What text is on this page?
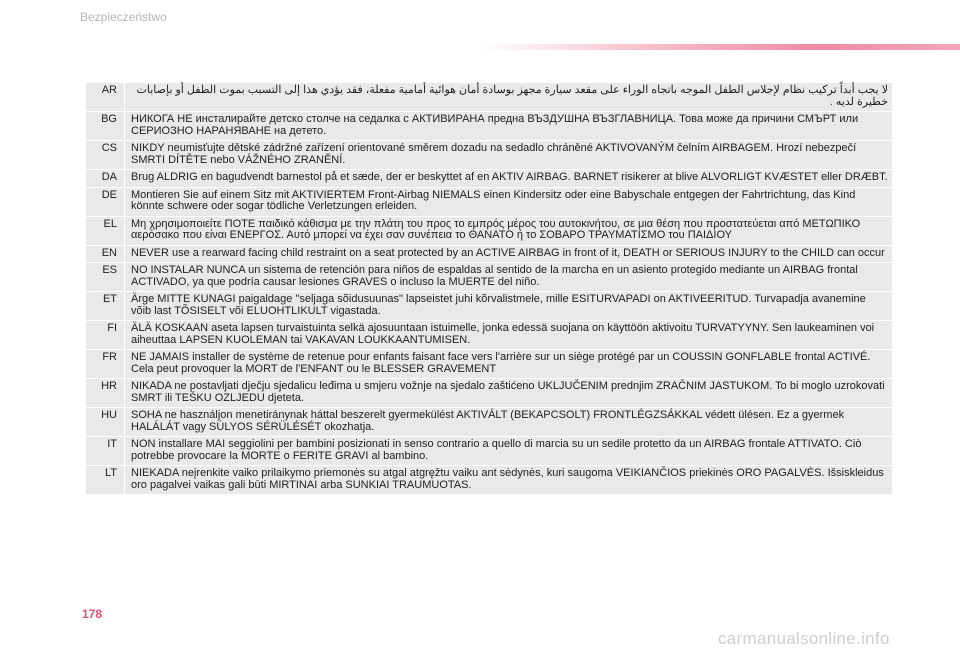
Bezpieczeństwo
AR	لا يجب أبداً تركيب نظام لإجلاس الطفل الموجه باتجاه الوراء على مقعد سيارة مجهز بوسادة أمان هوائية أمامية مفعلة، فقد يؤدي هذا إلى التسبب بموت الطفل أو بإصابات خطيرة لديه .
BG	НИКОГА НЕ инсталирайте детско столче на седалка с АКТИВИРАНА предна ВЪЗДУШНА ВЪЗГЛАВНИЦА. Това може да причини СМЪРТ или СЕРИОЗНО НАРАНЯВАНЕ на детето.
CS	NIKDY neumisťujte dětské zádržné zařízení orientované směrem dozadu na sedadlo chráněné AKTIVOVANÝM čelním AIRBAGEM. Hrozí nebezpečí SMRTI DÍTĚTE nebo VÁŽNÉHO ZRANĚNÍ.
DA	Brug ALDRIG en bagudvendt barnestol på et sæde, der er beskyttet af en AKTIV AIRBAG. BARNET risikerer at blive ALVORLIGT KVÆSTET eller DRÆBT.
DE	Montieren Sie auf einem Sitz mit AKTIVIERTEM Front-Airbag NIEMALS einen Kindersitz oder eine Babyschale entgegen der Fahrtrichtung, das Kind könnte schwere oder sogar tödliche Verletzungen erleiden.
EL	Μη χρησιμοποιείτε ΠΟΤΕ παιδικό κάθισμα με την πλάτη του προς το εμπρός μέρος του αυτοκινήτου, σε μια θέση που προστατεύεται από ΜΕΤΩΠΙΚΟ αερόσακο που είναι ΕΝΕΡΓΟΣ. Αυτό μπορεί να έχει σαν συνέπεια το ΘΑΝΑΤΟ ή το ΣΟΒΑΡΟ ΤΡΑΥΜΑΤΙΣΜΟ του ΠΑΙΔΙΟΥ
EN	NEVER use a rearward facing child restraint on a seat protected by an ACTIVE AIRBAG in front of it, DEATH or SERIOUS INJURY to the CHILD can occur
ES	NO INSTALAR NUNCA un sistema de retención para niños de espaldas al sentido de la marcha en un asiento protegido mediante un AIRBAG frontal ACTIVADO, ya que podría causar lesiones GRAVES o incluso la MUERTE del niño.
ET	Ärge MITTE KUNAGI paigaldage "seljaga sõidusuunas" lapseistet juhi kõrvalistmele, mille ESITURVAPADI on AKTIVEERITUD. Turvapadja avanemine võib last TÕSISELT või ELUOHTLIKULT vigastada.
FI	ÄLÄ KOSKAAN aseta lapsen turvaistuinta selkä ajosuuntaan istuimelle, jonka edessä suojana on käyttöön aktivoitu TURVATYYNY. Sen laukeaminen voi aiheuttaa LAPSEN KUOLEMAN tai VAKAVAN LOUKKAANTUMISEN.
FR	NE JAMAIS installer de système de retenue pour enfants faisant face vers l'arrière sur un siège protégé par un COUSSIN GONFLABLE frontal ACTIVÉ.
Cela peut provoquer la MORT de l'ENFANT ou le BLESSER GRAVEMENT
HR	NIKADA ne postavljati dječju sjedalicu leđima u smjeru vožnje na sjedalo zaštićeno UKLJUČENIM prednjim ZRAČNIM JASTUKOM. To bi moglo uzrokovati SMRT ili TEŠKU OZLJEDU djeteta.
HU	SOHA ne használjon menetiránynak háttal beszerelt gyermekülést AKTIVÁLT (BEKAPCSOLT) FRONTLÉGZSÁKKAL védett ülésen. Ez a gyermek HALÁLÁT vagy SÚLYOS SÉRÜLÉSÉT okozhatja.
IT	NON installare MAI seggiolini per bambini posizionati in senso contrario a quello di marcia su un sedile protetto da un AIRBAG frontale ATTIVATO. Ciò potrebbe provocare la MORTE o FERITE GRAVI al bambino.
LT	NIEKADA neįrenkite vaiko prilaikymo priemonės su atgal atgręžtu vaiku ant sėdynės, kuri saugoma VEIKIANČIOS priekinės ORO PAGALVĖS. Išsiskleidus oro pagalvei vaikas gali būti MIRTINAI arba SUNKIAI TRAUMUOTAS.
178
carmanualsonline.info
